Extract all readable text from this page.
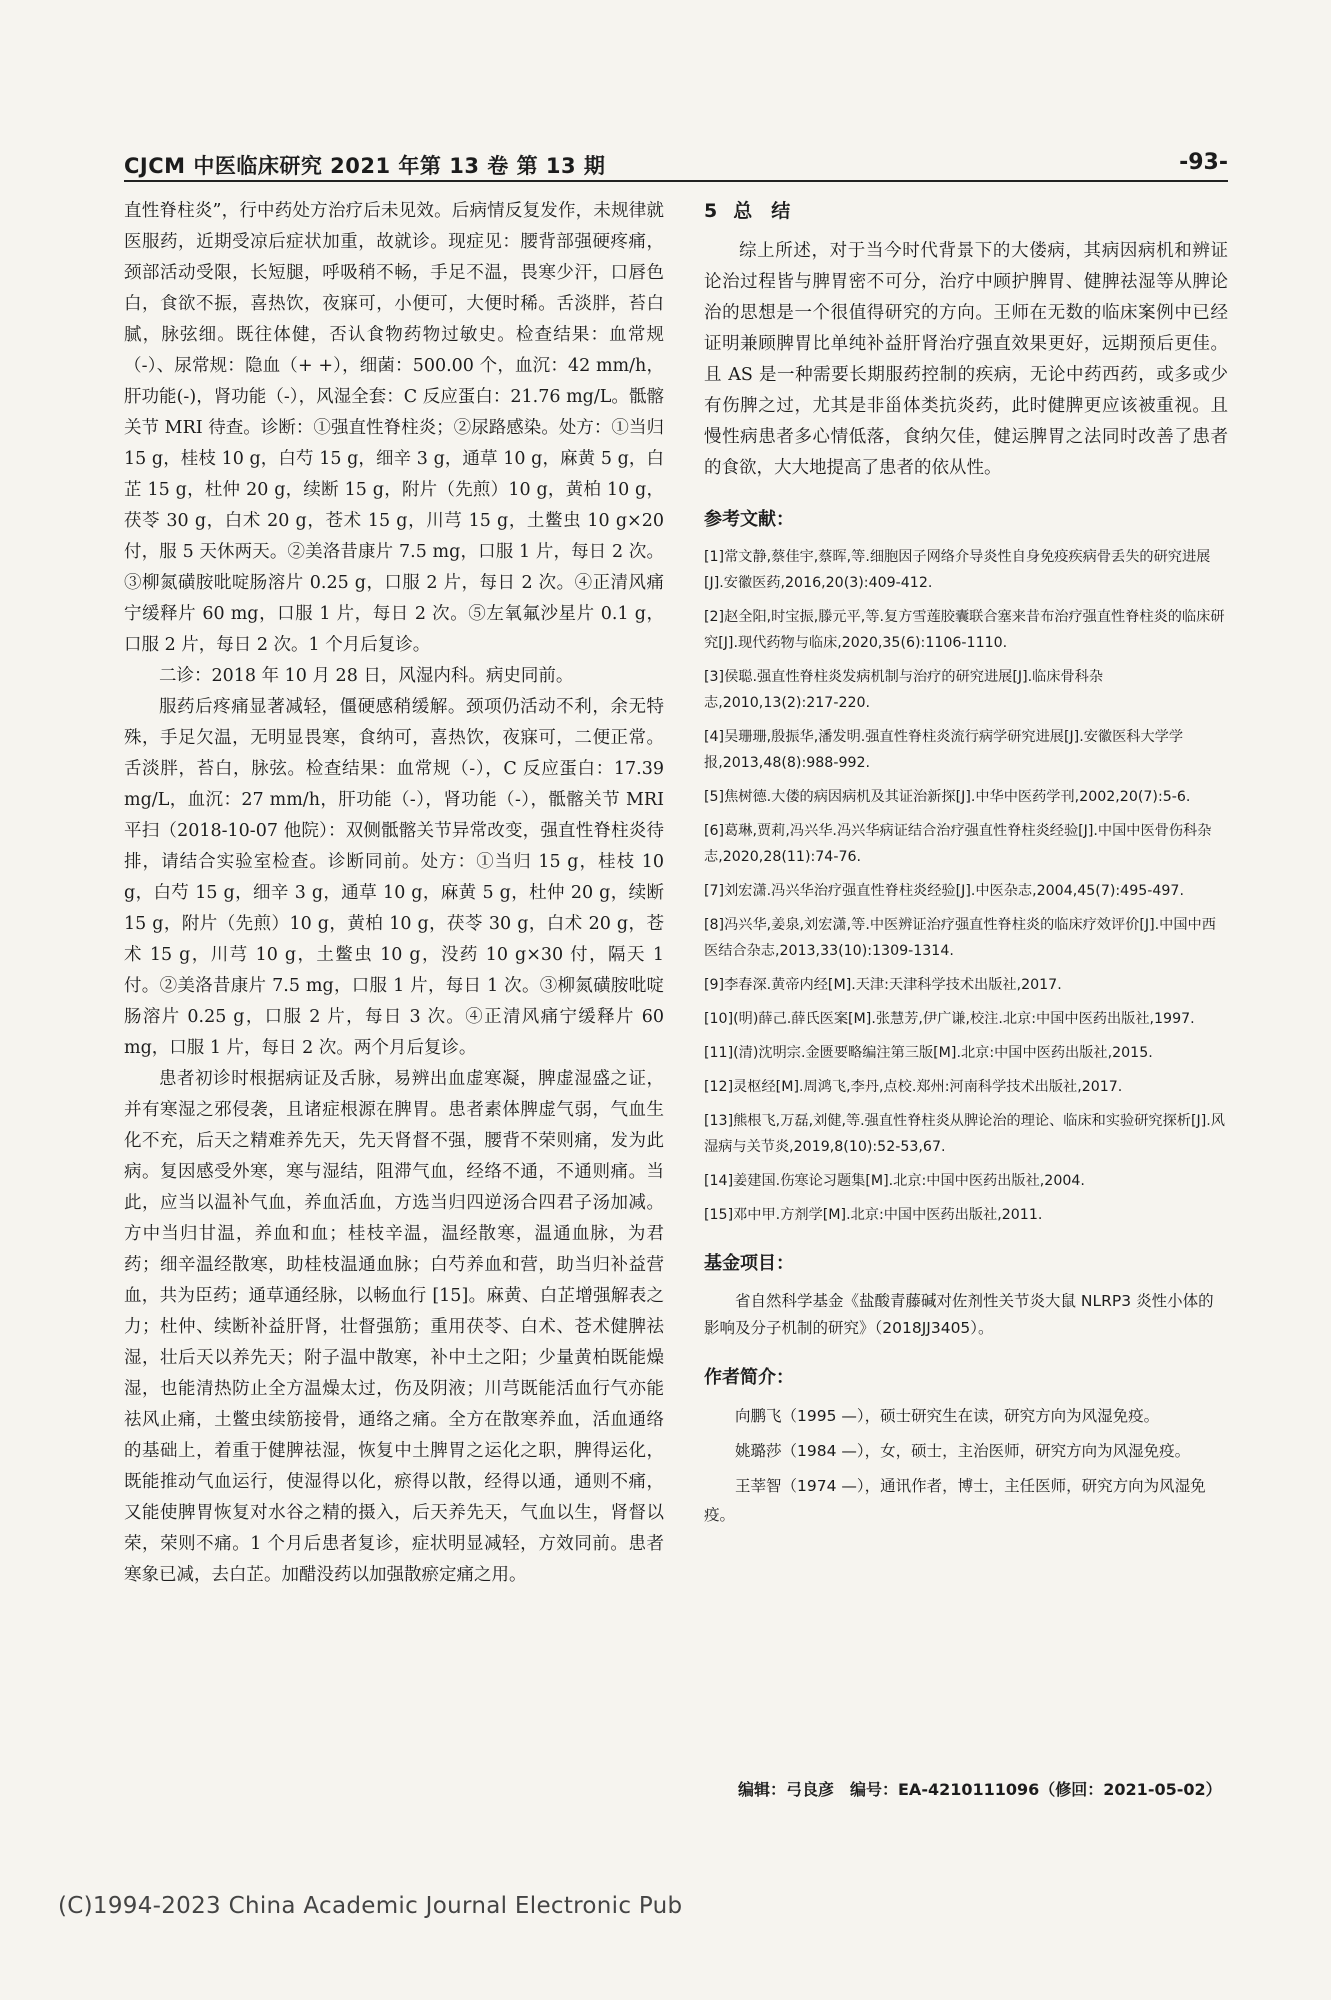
CJCM 中医临床研究 2021 年第 13 卷 第 13 期	-93-

直性脊柱炎”，行中药处方治疗后未见效。后病情反复发作，未规律就医服药，近期受凉后症状加重，故就诊。现症见：腰背部强硬疼痛，颈部活动受限，长短腿，呼吸稍不畅，手足不温，畏寒少汗，口唇色白，食欲不振，喜热饮，夜寐可，小便可，大便时稀。舌淡胖，苔白腻，脉弦细。既往体健，否认食物药物过敏史。检查结果：血常规（-）、尿常规：隐血（+ +），细菌：500.00 个，血沉：42 mm/h，肝功能(-)，肾功能（-），风湿全套：C 反应蛋白：21.76 mg/L。骶髂关节 MRI 待查。诊断：①强直性脊柱炎；②尿路感染。处方：①当归 15 g，桂枝 10 g，白芍 15 g，细辛 3 g，通草 10 g，麻黄 5 g，白芷 15 g，杜仲 20 g，续断 15 g，附片（先煎）10 g，黄柏 10 g，茯苓 30 g，白术 20 g，苍术 15 g，川芎 15 g，土鳖虫 10 g×20 付，服 5 天休两天。②美洛昔康片 7.5 mg，口服 1 片，每日 2 次。③柳氮磺胺吡啶肠溶片 0.25 g，口服 2 片，每日 2 次。④正清风痛宁缓释片 60 mg，口服 1 片，每日 2 次。⑤左氧氟沙星片 0.1 g，口服 2 片，每日 2 次。1 个月后复诊。

二诊：2018 年 10 月 28 日，风湿内科。病史同前。

服药后疼痛显著减轻，僵硬感稍缓解。颈项仍活动不利，余无特殊，手足欠温，无明显畏寒，食纳可，喜热饮，夜寐可，二便正常。舌淡胖，苔白，脉弦。检查结果：血常规（-），C 反应蛋白：17.39 mg/L，血沉：27 mm/h，肝功能（-），肾功能（-），骶髂关节 MRI 平扫（2018-10-07 他院）：双侧骶髂关节异常改变，强直性脊柱炎待排，请结合实验室检查。诊断同前。处方：①当归 15 g，桂枝 10 g，白芍 15 g，细辛 3 g，通草 10 g，麻黄 5 g，杜仲 20 g，续断 15 g，附片（先煎）10 g，黄柏 10 g，茯苓 30 g，白术 20 g，苍术 15 g，川芎 10 g，土鳖虫 10 g，没药 10 g×30 付，隔天 1 付。②美洛昔康片 7.5 mg，口服 1 片，每日 1 次。③柳氮磺胺吡啶肠溶片 0.25 g，口服 2 片，每日 3 次。④正清风痛宁缓释片 60 mg，口服 1 片，每日 2 次。两个月后复诊。

患者初诊时根据病证及舌脉，易辨出血虚寒凝，脾虚湿盛之证，并有寒湿之邪侵袭，且诸症根源在脾胃。患者素体脾虚气弱，气血生化不充，后天之精难养先天，先天肾督不强，腰背不荣则痛，发为此病。复因感受外寒，寒与湿结，阻滞气血，经络不通，不通则痛。当此，应当以温补气血，养血活血，方选当归四逆汤合四君子汤加减。方中当归甘温，养血和血；桂枝辛温，温经散寒，温通血脉，为君药；细辛温经散寒，助桂枝温通血脉；白芍养血和营，助当归补益营血，共为臣药；通草通经脉，以畅血行 [15]。麻黄、白芷增强解表之力；杜仲、续断补益肝肾，壮督强筋；重用茯苓、白术、苍术健脾祛湿，壮后天以养先天；附子温中散寒，补中土之阳；少量黄柏既能燥湿，也能清热防止全方温燥太过，伤及阴液；川芎既能活血行气亦能祛风止痛，土鳖虫续筋接骨，通络之痛。全方在散寒养血，活血通络的基础上，着重于健脾祛湿，恢复中土脾胃之运化之职，脾得运化，既能推动气血运行，使湿得以化，瘀得以散，经得以通，通则不痛，又能使脾胃恢复对水谷之精的摄入，后天养先天，气血以生，肾督以荣，荣则不痛。1 个月后患者复诊，症状明显减轻，方效同前。患者寒象已减，去白芷。加醋没药以加强散瘀定痛之用。

5 总　结

综上所述，对于当今时代背景下的大偻病，其病因病机和辨证论治过程皆与脾胃密不可分，治疗中顾护脾胃、健脾祛湿等从脾论治的思想是一个很值得研究的方向。王师在无数的临床案例中已经证明兼顾脾胃比单纯补益肝肾治疗强直效果更好，远期预后更佳。且 AS 是一种需要长期服药控制的疾病，无论中药西药，或多或少有伤脾之过，尤其是非甾体类抗炎药，此时健脾更应该被重视。且慢性病患者多心情低落，食纳欠佳，健运脾胃之法同时改善了患者的食欲，大大地提高了患者的依从性。

参考文献：

[1]常文静,蔡佳宇,蔡晖,等.细胞因子网络介导炎性自身免疫疾病骨丢失的研究进展[J].安徽医药,2016,20(3):409-412.

[2]赵全阳,时宝振,滕元平,等.复方雪莲胶囊联合塞来昔布治疗强直性脊柱炎的临床研究[J].现代药物与临床,2020,35(6):1106-1110.

[3]侯聪.强直性脊柱炎发病机制与治疗的研究进展[J].临床骨科杂志,2010,13(2):217-220.

[4]吴珊珊,殷振华,潘发明.强直性脊柱炎流行病学研究进展[J].安徽医科大学学报,2013,48(8):988-992.

[5]焦树德.大偻的病因病机及其证治新探[J].中华中医药学刊,2002,20(7):5-6.

[6]葛琳,贾莉,冯兴华.冯兴华病证结合治疗强直性脊柱炎经验[J].中国中医骨伤科杂志,2020,28(11):74-76.

[7]刘宏潇.冯兴华治疗强直性脊柱炎经验[J].中医杂志,2004,45(7):495-497.

[8]冯兴华,姜泉,刘宏潇,等.中医辨证治疗强直性脊柱炎的临床疗效评价[J].中国中西医结合杂志,2013,33(10):1309-1314.

[9]李春深.黄帝内经[M].天津:天津科学技术出版社,2017.

[10](明)薛己.薛氏医案[M].张慧芳,伊广谦,校注.北京:中国中医药出版社,1997.

[11](清)沈明宗.金匮要略编注第三版[M].北京:中国中医药出版社,2015.

[12]灵枢经[M].周鸿飞,李丹,点校.郑州:河南科学技术出版社,2017.

[13]熊根飞,万磊,刘健,等.强直性脊柱炎从脾论治的理论、临床和实验研究探析[J].风湿病与关节炎,2019,8(10):52-53,67.

[14]姜建国.伤寒论习题集[M].北京:中国中医药出版社,2004.

[15]邓中甲.方剂学[M].北京:中国中医药出版社,2011.

基金项目：

省自然科学基金《盐酸青藤碱对佐剂性关节炎大鼠 NLRP3 炎性小体的影响及分子机制的研究》（2018JJ3405）。

作者简介：

向鹏飞（1995 —），硕士研究生在读，研究方向为风湿免疫。

姚璐莎（1984 —），女，硕士，主治医师，研究方向为风湿免疫。

王莘智（1974 —），通讯作者，博士，主任医师，研究方向为风湿免疫。

编辑：弓良彦　编号：EA-4210111096（修回：2021-05-02）
(C)1994-2023 China Academic Journal Electronic Pub
